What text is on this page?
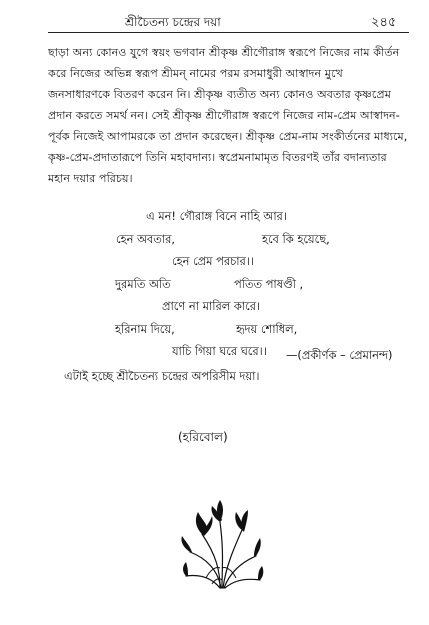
শ্রীচৈতন্য চন্দ্রের দয়া	২৪৫
ছাড়া অন্য কোনও যুগে স্বয়ং ভগবান শ্রীকৃষ্ণ শ্রীগৌরাঙ্গ স্বরূপে নিজের নাম কীর্তন
করে নিজের অভিন্ন স্বরূপ শ্রীমন্ নামের পরম রসমাধুরী আস্বাদন মুখে
জনসাধারণকে বিতরণ করেন নি। শ্রীকৃষ্ণ ব্যতীত অন্য কোনও অবতার কৃষ্ণপ্রেম
প্রদান করতে সমর্থ নন। সেই শ্রীকৃষ্ণ শ্রীগৌরাঙ্গ স্বরূপে নিজের নাম-প্রেম আস্বাদন-
পূর্বক নিজেই আপামরকে তা প্রদান করেছেন। শ্রীকৃষ্ণ প্রেম-নাম সংকীর্তনের মাধ্যমে,
কৃষ্ণ-প্রেম-প্রদাতারূপে তিনি মহাবদান্য। স্বপ্রেমনামামৃত বিতরণই তাঁর বদান্যতার
মহান দয়ার পরিচয়।
এ মন! গৌরাঙ্গ বিনে নাহি আর।
হেন অবতার,	হবে কি হয়েছে,
হেন প্রেম পরচার।।
দুরমতি অতি	পতিত পাষণ্ডী ,
প্রাণে না মারিল কারে।
হরিনাম দিয়ে,	হৃদয় শোধিল,
যাচি গিয়া ঘরে ঘরে।। —(প্রকীর্ণক – প্রেমানন্দ)
এটাই হচ্ছে শ্রীচৈতন্য চন্দ্রের অপরিসীম দয়া।
(হরিবোল)
